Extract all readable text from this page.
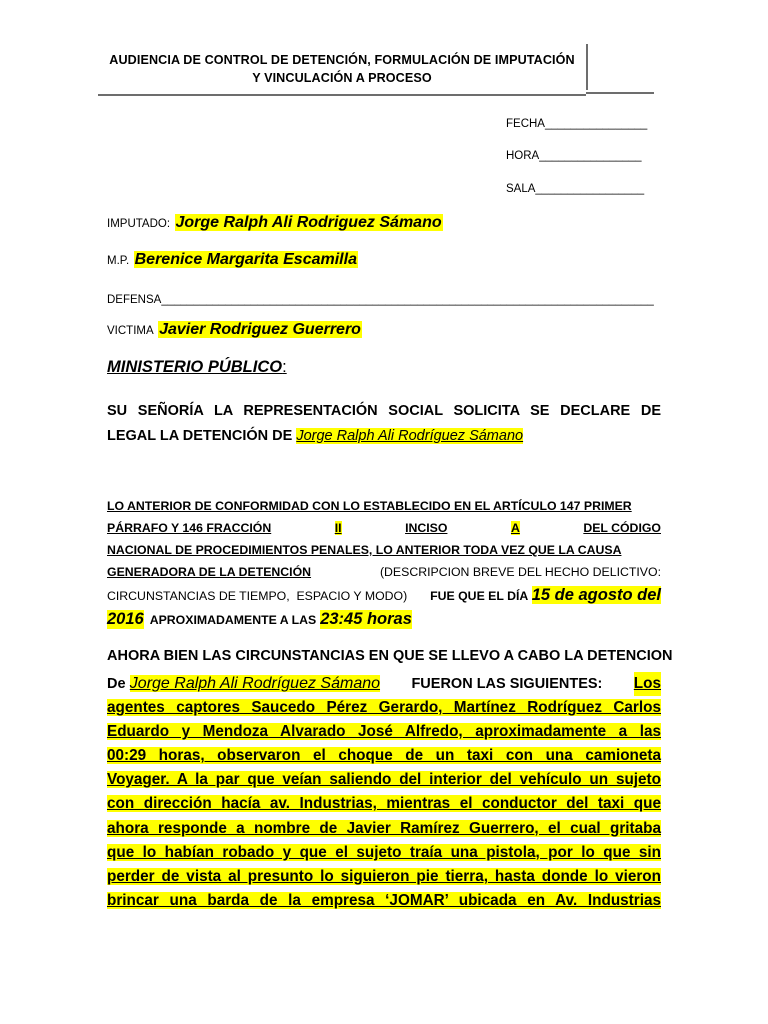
AUDIENCIA DE CONTROL DE DETENCIÓN, FORMULACIÓN DE IMPUTACIÓN
Y VINCULACIÓN A PROCESO
FECHA________________
HORA________________
SALA_________________
IMPUTADO: Jorge Ralph Ali Rodriguez Sámano
M.P. Berenice Margarita Escamilla
DEFENSA_____________________________________________________________________________
VICTIMA Javier Rodriguez Guerrero
MINISTERIO PÚBLICO:
SU SEÑORÍA LA REPRESENTACIÓN SOCIAL SOLICITA SE DECLARE DE LEGAL LA DETENCIÓN DE Jorge Ralph Ali Rodríguez Sámano
LO ANTERIOR DE CONFORMIDAD CON LO ESTABLECIDO EN EL ARTÍCULO 147 PRIMER
PÁRRAFO Y 146 FRACCIÓN	II	INCISO	A	DEL CÓDIGO
NACIONAL DE PROCEDIMIENTOS PENALES, LO ANTERIOR TODA VEZ QUE LA CAUSA
GENERADORA DE LA DETENCIÓN	(DESCRIPCION BREVE DEL HECHO DELICTIVO:
CIRCUNSTANCIAS DE TIEMPO,  ESPACIO Y MODO) FUE QUE EL DÍA 15 de agosto del
2016 APROXIMADAMENTE A LAS 23:45 horas
AHORA BIEN LAS CIRCUNSTANCIAS EN QUE SE LLEVO A CABO LA DETENCION
De Jorge Ralph Ali Rodríguez Sámano FUERON LAS SIGUIENTES: Los
agentes captores Saucedo Pérez Gerardo, Martínez Rodríguez Carlos
Eduardo y Mendoza Alvarado José Alfredo, aproximadamente a las
00:29 horas, observaron el choque de un taxi con una camioneta
Voyager. A la par que veían saliendo del interior del vehículo un sujeto
con dirección hacía av. Industrias, mientras el conductor del taxi que
ahora responde a nombre de Javier Ramírez Guerrero, el cual gritaba
que lo habían robado y que el sujeto traía una pistola, por lo que sin
perder de vista al presunto lo siguieron pie tierra, hasta donde lo vieron
brincar una barda de la empresa ‘JOMAR’ ubicada en Av. Industrias
